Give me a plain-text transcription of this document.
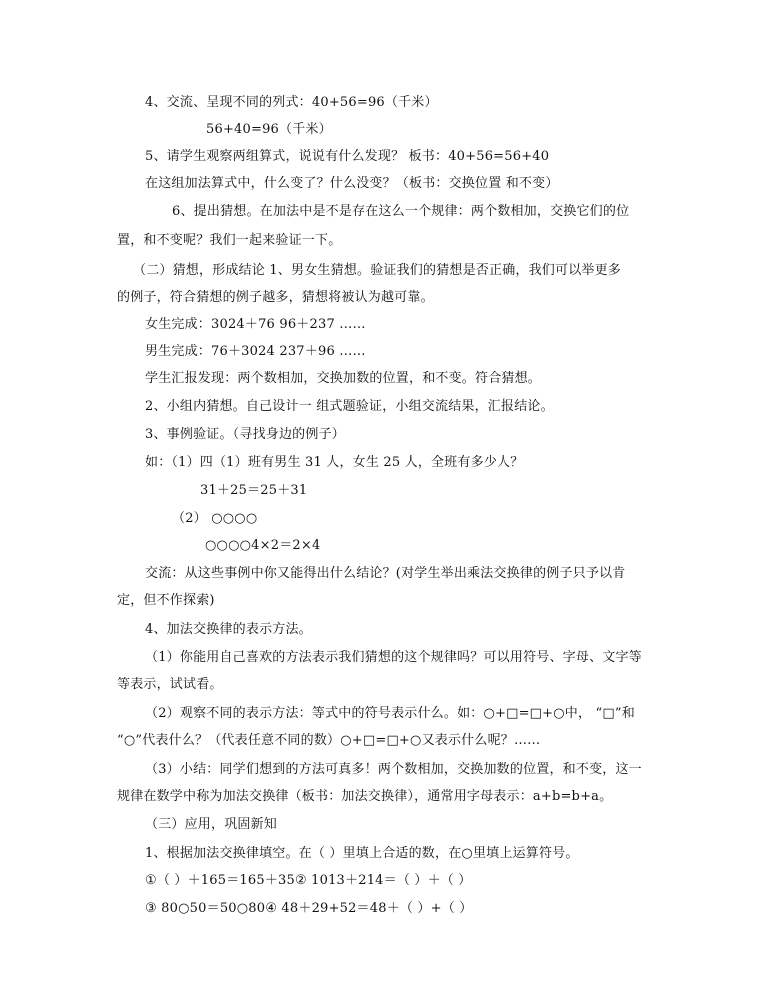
4、交流、呈现不同的列式：40+56=96（千米）
56+40=96（千米）
5、请学生观察两组算式，说说有什么发现？ 板书：40+56=56+40
在这组加法算式中，什么变了？什么没变？（板书：交换位置 和不变）
6、提出猜想。在加法中是不是存在这么一个规律：两个数相加，交换它们的位
置，和不变呢？我们一起来验证一下。
（二）猜想，形成结论 1、男女生猜想。验证我们的猜想是否正确，我们可以举更多
的例子，符合猜想的例子越多，猜想将被认为越可靠。
女生完成：3024＋76 96＋237 ……
男生完成：76＋3024 237＋96 ……
学生汇报发现：两个数相加，交换加数的位置，和不变。符合猜想。
2、小组内猜想。自己设计一 组式题验证，小组交流结果，汇报结论。
3、事例验证。（寻找身边的例子）
如：（1）四（1）班有男生 31 人，女生 25 人，全班有多少人？
31＋25＝25＋31
（2） ○○○○
○○○○4×2＝2×4
交流：从这些事例中你又能得出什么结论？(对学生举出乘法交换律的例子只予以肯
定，但不作探索)
4、加法交换律的表示方法。
（1）你能用自己喜欢的方法表示我们猜想的这个规律吗？可以用符号、字母、文字等
等表示，试试看。
（2）观察不同的表示方法：等式中的符号表示什么。如：○+□=□+○中， “□”和
“○”代表什么？（代表任意不同的数）○+□=□+○又表示什么呢？……
（3）小结：同学们想到的方法可真多！两个数相加，交换加数的位置，和不变，这一
规律在数学中称为加法交换律（板书：加法交换律），通常用字母表示：a+b=b+a。
（三）应用，巩固新知
1、根据加法交换律填空。在（ ）里填上合适的数，在○里填上运算符号。
①（ ）＋165＝165＋35② 1013＋214＝（ ）＋（ ）
③ 80○50＝50○80④ 48＋29+52＝48＋（ ）+（ ）
